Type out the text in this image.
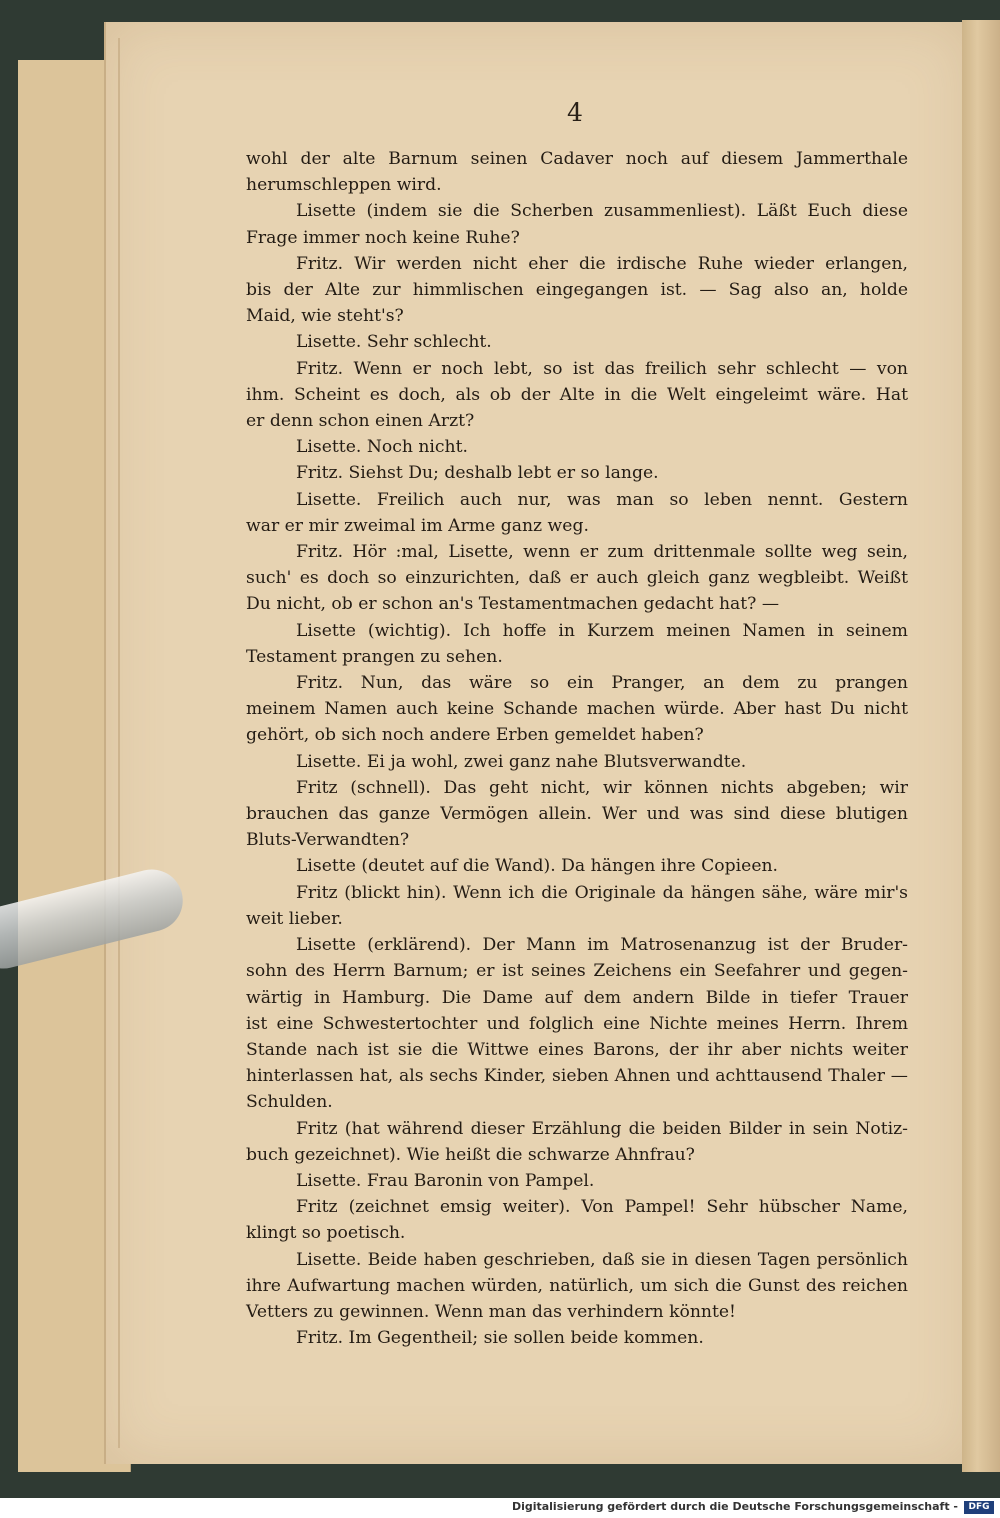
4
wohl der alte Barnum seinen Cadaver noch auf diesem Jammerthale
herumschleppen wird.
Lisette (indem sie die Scherben zusammenliest). Läßt Euch diese
Frage immer noch keine Ruhe?
Fritz. Wir werden nicht eher die irdische Ruhe wieder erlangen,
bis der Alte zur himmlischen eingegangen ist. — Sag also an, holde
Maid, wie steht's?
Lisette. Sehr schlecht.
Fritz. Wenn er noch lebt, so ist das freilich sehr schlecht — von
ihm. Scheint es doch, als ob der Alte in die Welt eingeleimt wäre. Hat
er denn schon einen Arzt?
Lisette. Noch nicht.
Fritz. Siehst Du; deshalb lebt er so lange.
Lisette. Freilich auch nur, was man so leben nennt. Gestern
war er mir zweimal im Arme ganz weg.
Fritz. Hör :mal, Lisette, wenn er zum drittenmale sollte weg sein,
such' es doch so einzurichten, daß er auch gleich ganz wegbleibt. Weißt
Du nicht, ob er schon an's Testamentmachen gedacht hat? —
Lisette (wichtig). Ich hoffe in Kurzem meinen Namen in seinem
Testament prangen zu sehen.
Fritz. Nun, das wäre so ein Pranger, an dem zu prangen
meinem Namen auch keine Schande machen würde. Aber hast Du nicht
gehört, ob sich noch andere Erben gemeldet haben?
Lisette. Ei ja wohl, zwei ganz nahe Blutsverwandte.
Fritz (schnell). Das geht nicht, wir können nichts abgeben; wir
brauchen das ganze Vermögen allein. Wer und was sind diese blutigen
Bluts-Verwandten?
Lisette (deutet auf die Wand). Da hängen ihre Copieen.
Fritz (blickt hin). Wenn ich die Originale da hängen sähe, wäre mir's
weit lieber.
Lisette (erklärend). Der Mann im Matrosenanzug ist der Bruder-
sohn des Herrn Barnum; er ist seines Zeichens ein Seefahrer und gegen-
wärtig in Hamburg. Die Dame auf dem andern Bilde in tiefer Trauer
ist eine Schwestertochter und folglich eine Nichte meines Herrn. Ihrem
Stande nach ist sie die Wittwe eines Barons, der ihr aber nichts weiter
hinterlassen hat, als sechs Kinder, sieben Ahnen und achttausend Thaler —
Schulden.
Fritz (hat während dieser Erzählung die beiden Bilder in sein Notiz-
buch gezeichnet). Wie heißt die schwarze Ahnfrau?
Lisette. Frau Baronin von Pampel.
Fritz (zeichnet emsig weiter). Von Pampel! Sehr hübscher Name,
klingt so poetisch.
Lisette. Beide haben geschrieben, daß sie in diesen Tagen persönlich
ihre Aufwartung machen würden, natürlich, um sich die Gunst des reichen
Vetters zu gewinnen. Wenn man das verhindern könnte!
Fritz. Im Gegentheil; sie sollen beide kommen.
Digitalisierung gefördert durch die Deutsche Forschungsgemeinschaft -	DFG
